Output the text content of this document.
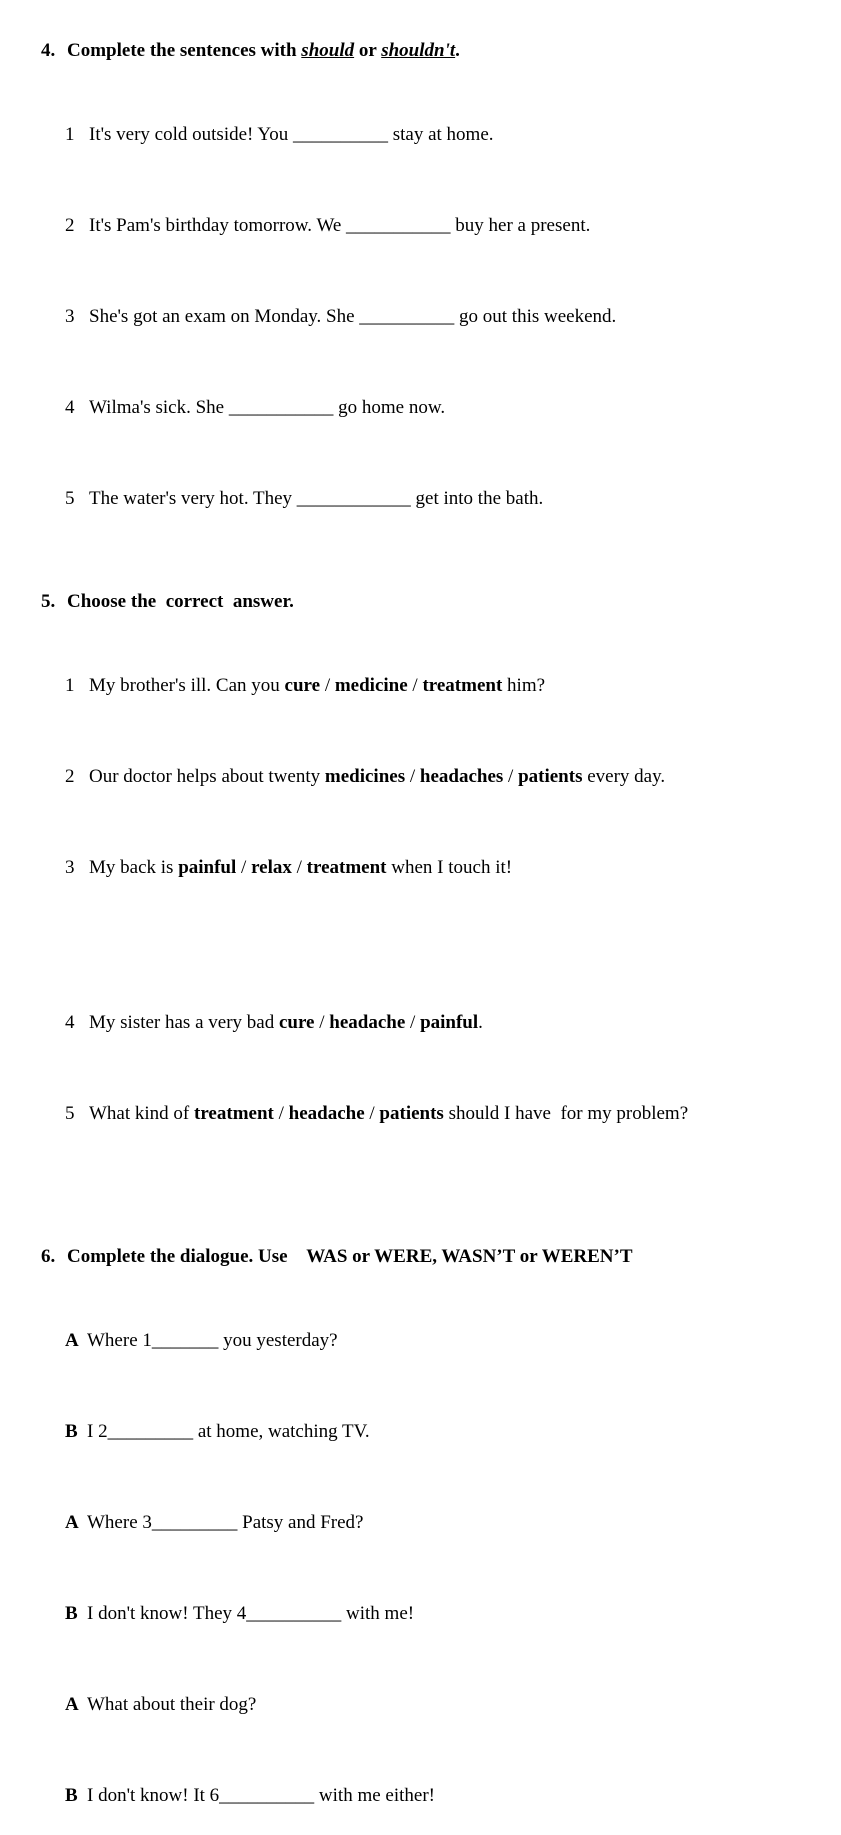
4. Complete the sentences with should or shouldn't.

1 It's very cold outside! You __________ stay at home.

2 It's Pam's birthday tomorrow. We ___________ buy her a present.

3 She's got an exam on Monday. She __________ go out this weekend.

4 Wilma's sick. She ___________ go home now.

5 The water's very hot. They ____________ get into the bath.

5. Choose the  correct  answer.

1 My brother's ill. Can you cure / medicine / treatment him?

2 Our doctor helps about twenty medicines / headaches / patients every day.

3 My back is painful / relax / treatment when I touch it!

4 My sister has a very bad cure / headache / painful.

5 What kind of treatment / headache / patients should I have  for my problem?

6. Complete the dialogue. Use    WAS or WERE, WASN’T or WEREN’T

A Where 1_______ you yesterday?

B I 2_________ at home, watching TV.

A Where 3_________ Patsy and Fred?

B I don't know! They 4__________ with me!

A What about their dog?

B I don't know! It 6__________ with me either!
